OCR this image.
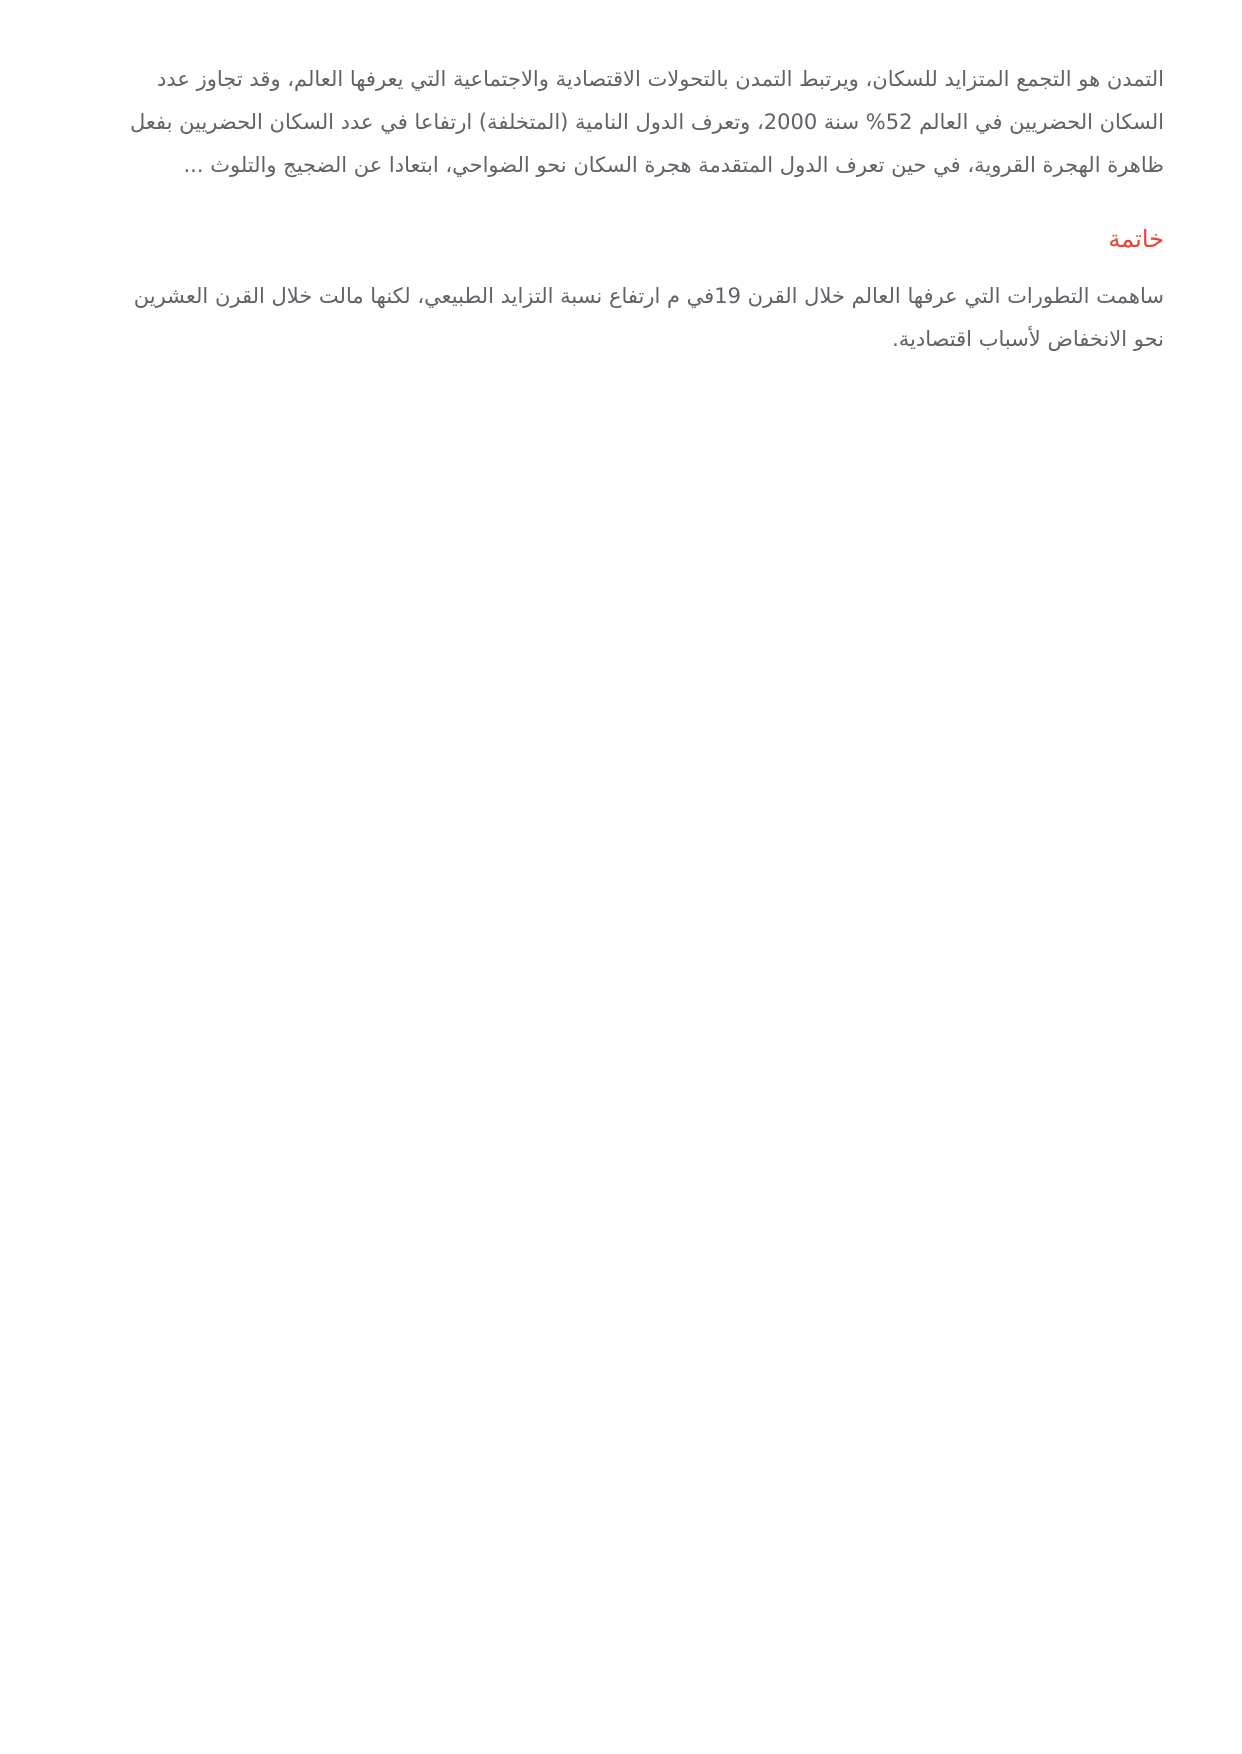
التمدن هو التجمع المتزايد للسكان، ويرتبط التمدن بالتحولات الاقتصادية والاجتماعية التي يعرفها العالم، وقد تجاوز عدد السكان الحضريين في العالم 52% سنة 2000، وتعرف الدول النامية (المتخلفة) ارتفاعا في عدد السكان الحضريين بفعل ظاهرة الهجرة القروية، في حين تعرف الدول المتقدمة هجرة السكان نحو الضواحي، ابتعادا عن الضجيج والتلوث ...

خاتمة

ساهمت التطورات التي عرفها العالم خلال القرن 19في م ارتفاع نسبة التزايد الطبيعي، لكنها مالت خلال القرن العشرين نحو الانخفاض لأسباب اقتصادية.
